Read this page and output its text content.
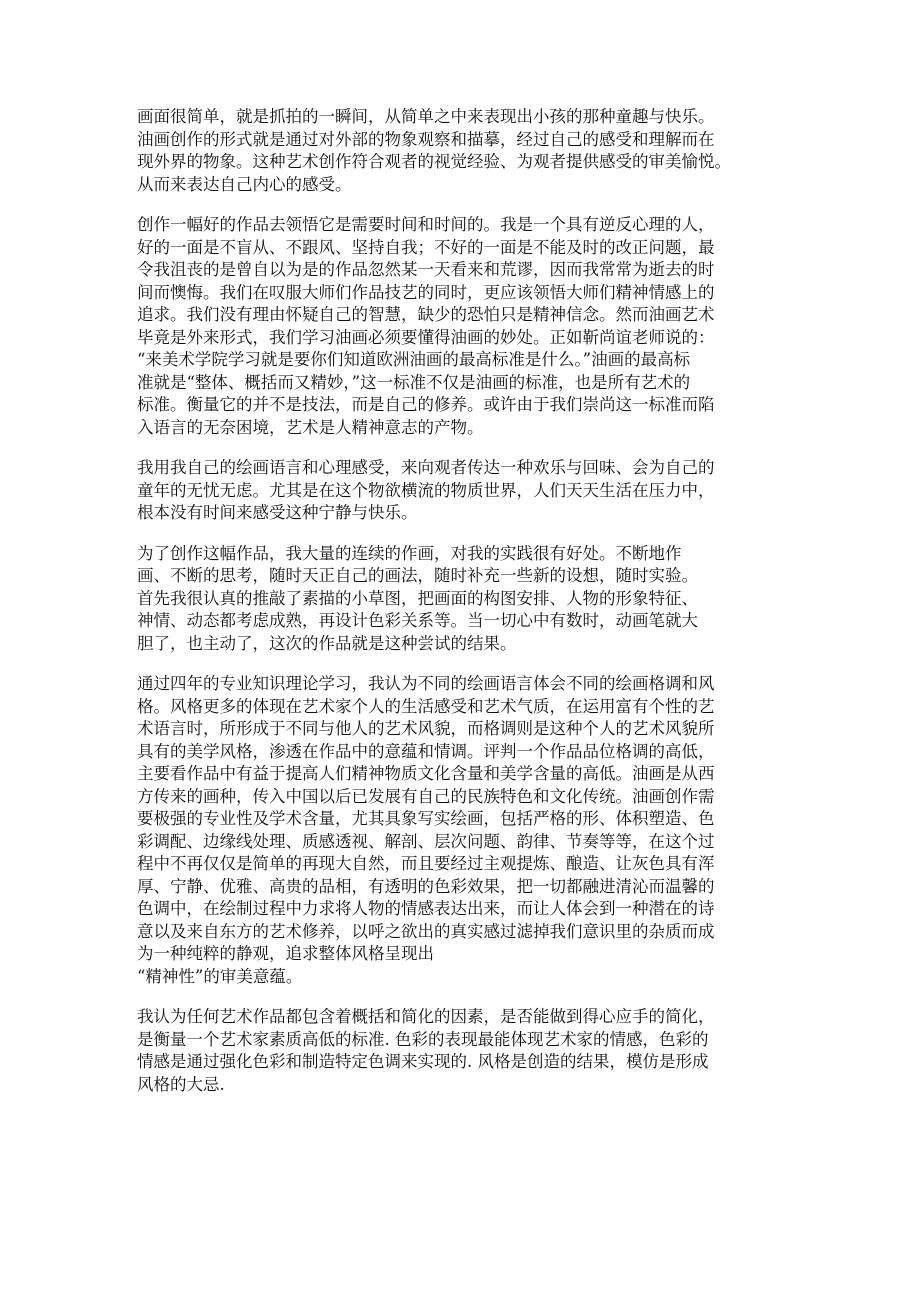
画面很简单，就是抓拍的一瞬间，从简单之中来表现出小孩的那种童趣与快乐。
油画创作的形式就是通过对外部的物象观察和描摹，经过自己的感受和理解而在
现外界的物象。这种艺术创作符合观者的视觉经验、为观者提供感受的审美愉悦。
从而来表达自己内心的感受。

创作一幅好的作品去领悟它是需要时间和时间的。我是一个具有逆反心理的人，
好的一面是不盲从、不跟风、坚持自我；不好的一面是不能及时的改正问题，最
令我沮丧的是曾自以为是的作品忽然某一天看来和荒谬，因而我常常为逝去的时
间而懊悔。我们在叹服大师们作品技艺的同时，更应该领悟大师们精神情感上的
追求。我们没有理由怀疑自己的智慧，缺少的恐怕只是精神信念。然而油画艺术
毕竟是外来形式，我们学习油画必须要懂得油画的妙处。正如靳尚谊老师说的：
“来美术学院学习就是要你们知道欧洲油画的最高标准是什么。”油画的最高标
准就是“整体、概括而又精妙，”这一标准不仅是油画的标准，也是所有艺术的
标准。衡量它的并不是技法，而是自己的修养。或许由于我们崇尚这一标准而陷
入语言的无奈困境，艺术是人精神意志的产物。

我用我自己的绘画语言和心理感受，来向观者传达一种欢乐与回味、会为自己的
童年的无忧无虑。尤其是在这个物欲横流的物质世界，人们天天生活在压力中，
根本没有时间来感受这种宁静与快乐。

为了创作这幅作品，我大量的连续的作画，对我的实践很有好处。不断地作
画、不断的思考，随时天正自己的画法，随时补充一些新的设想，随时实验。
首先我很认真的推敲了素描的小草图，把画面的构图安排、人物的形象特征、
神情、动态都考虑成熟，再设计色彩关系等。当一切心中有数时，动画笔就大
胆了，也主动了，这次的作品就是这种尝试的结果。

通过四年的专业知识理论学习，我认为不同的绘画语言体会不同的绘画格调和风
格。风格更多的体现在艺术家个人的生活感受和艺术气质，在运用富有个性的艺
术语言时，所形成于不同与他人的艺术风貌，而格调则是这种个人的艺术风貌所
具有的美学风格，渗透在作品中的意蕴和情调。评判一个作品品位格调的高低，
主要看作品中有益于提高人们精神物质文化含量和美学含量的高低。油画是从西
方传来的画种，传入中国以后已发展有自己的民族特色和文化传统。油画创作需
要极强的专业性及学术含量，尤其具象写实绘画，包括严格的形、体积塑造、色
彩调配、边缘线处理、质感透视、解剖、层次问题、韵律、节奏等等，在这个过
程中不再仅仅是简单的再现大自然，而且要经过主观提炼、酿造、让灰色具有浑
厚、宁静、优雅、高贵的品相，有透明的色彩效果，把一切都融进清沁而温馨的
色调中，在绘制过程中力求将人物的情感表达出来，而让人体会到一种潜在的诗
意以及来自东方的艺术修养，以呼之欲出的真实感过滤掉我们意识里的杂质而成
为一种纯粹的静观，追求整体风格呈现出
“精神性”的审美意蕴。

我认为任何艺术作品都包含着概括和简化的因素，是否能做到得心应手的简化，
是衡量一个艺术家素质高低的标准. 色彩的表现最能体现艺术家的情感，色彩的
情感是通过强化色彩和制造特定色调来实现的. 风格是创造的结果，模仿是形成
风格的大忌.
